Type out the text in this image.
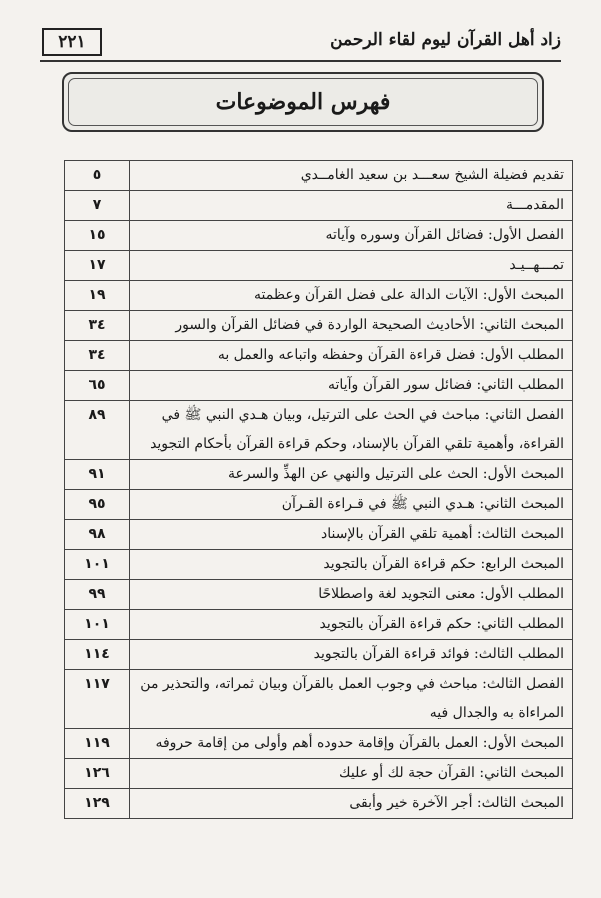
٢٢١	زاد أهل القرآن ليوم لقاء الرحمن
فهرس الموضوعات
تقديم فضيلة الشيخ سعـــد بن سعيد الغامــدي	٥
المقدمـــة	٧
الفصل الأول: فضائل القرآن وسوره وآياته	١٥
تمـــهــيـد	١٧
المبحث الأول: الآيات الدالة على فضل القرآن وعظمته	١٩
المبحث الثاني: الأحاديث الصحيحة الواردة في فضائل القرآن والسور	٣٤
المطلب الأول: فضل قراءة القرآن وحفظه واتباعه والعمل به	٣٤
المطلب الثاني: فضائل سور القرآن وآياته	٦٥
الفصل الثاني: مباحث في الحث على الترتيل، وبيان هـدي النبي ﷺ في القراءة، وأهمية تلقي القرآن بالإسناد، وحكم قراءة القرآن بأحكام التجويد	٨٩
المبحث الأول: الحث على الترتيل والنهي عن الهذِّ والسرعة	٩١
المبحث الثاني: هـدي النبي ﷺ في قـراءة القـرآن	٩٥
المبحث الثالث: أهمية تلقي القرآن بالإسناد	٩٨
المبحث الرابع: حكم قراءة القرآن بالتجويد	١٠١
المطلب الأول: معنى التجويد لغة واصطلاحًا	٩٩
المطلب الثاني: حكم قراءة القرآن بالتجويد	١٠١
المطلب الثالث: فوائد قراءة القرآن بالتجويد	١١٤
الفصل الثالث: مباحث في وجوب العمل بالقرآن وبيان ثمراته، والتحذير من المراءاة به والجدال فيه	١١٧
المبحث الأول: العمل بالقرآن وإقامة حدوده أهم وأولى من إقامة حروفه	١١٩
المبحث الثاني: القرآن حجة لك أو عليك	١٢٦
المبحث الثالث: أجر الآخرة خير وأبقى	١٢٩
